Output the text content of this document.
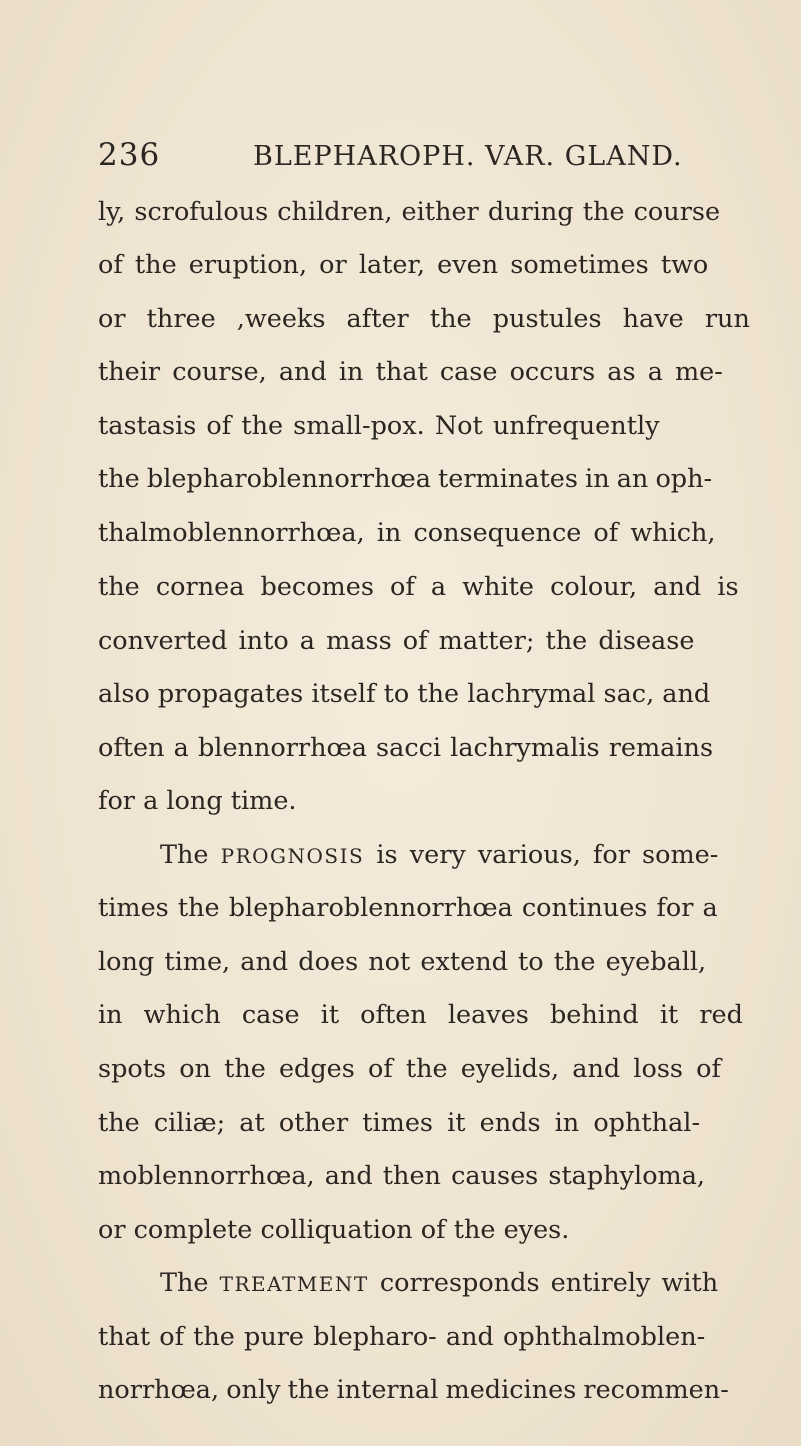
236	BLEPHAROPH. VAR. GLAND.
ly, scrofulous children, either during the course
of the eruption, or later, even sometimes two
or three ,weeks after the pustules have run
their course, and in that case occurs as a me-
tastasis of the small-pox. Not unfrequently
the blepharoblennorrhœa terminates in an oph-
thalmoblennorrhœa, in consequence of which,
the cornea becomes of a white colour, and is
converted into a mass of matter; the disease
also propagates itself to the lachrymal sac, and
often a blennorrhœa sacci lachrymalis remains
for a long time.
The PROGNOSIS is very various, for some-
times the blepharoblennorrhœa continues for a
long time, and does not extend to the eyeball,
in which case it often leaves behind it red
spots on the edges of the eyelids, and loss of
the ciliæ; at other times it ends in ophthal-
moblennorrhœa, and then causes staphyloma,
or complete colliquation of the eyes.
The TREATMENT corresponds entirely with
that of the pure blepharo- and ophthalmoblen-
norrhœa, only the internal medicines recommen-
